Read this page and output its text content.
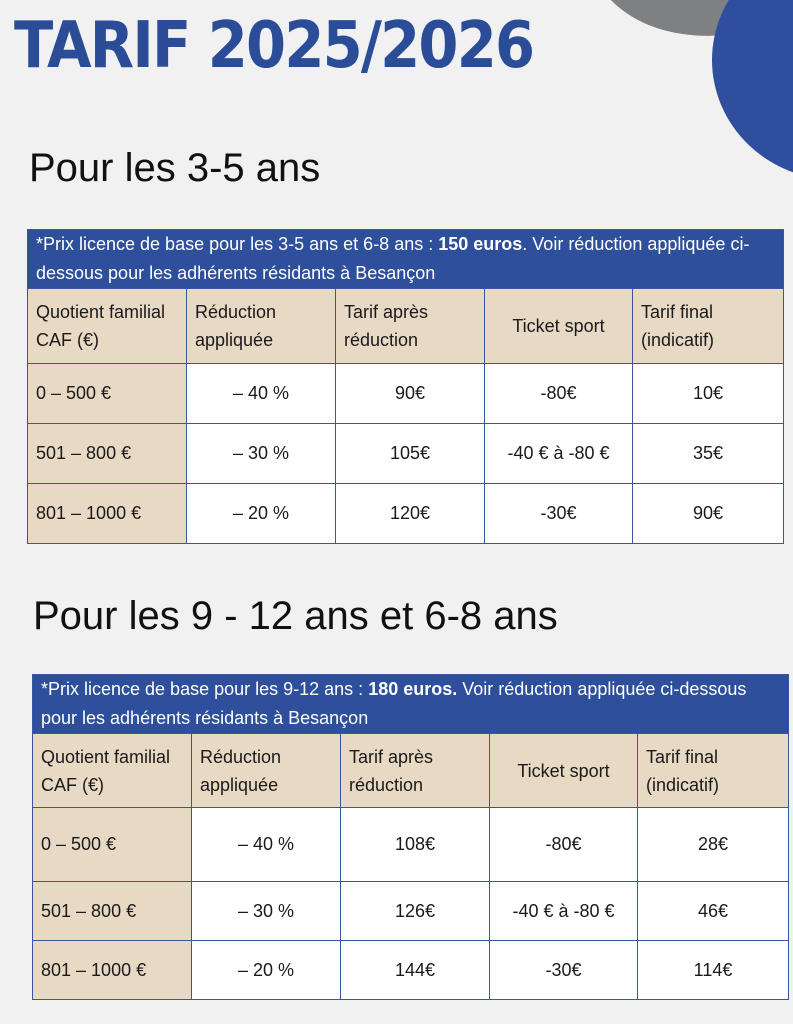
TARIF 2025/2026
Pour les 3-5 ans
*Prix licence de base pour les 3-5 ans et 6-8 ans : 150 euros. Voir réduction appliquée ci-dessous pour les adhérents résidants à Besançon				
Quotient familial CAF (€)	Réduction appliquée	Tarif après réduction	Ticket sport	Tarif final (indicatif)
0 – 500 €	– 40 %	90€	-80€	10€
501 – 800 €	– 30 %	105€	-40 € à -80 €	35€
801 – 1000 €	– 20 %	120€	-30€	90€
Pour les 9 - 12 ans et 6-8 ans
*Prix licence de base pour les 9-12 ans : 180 euros. Voir réduction appliquée ci-dessous pour les adhérents résidants à Besançon				
Quotient familial CAF (€)	Réduction appliquée	Tarif après réduction	Ticket sport	Tarif final (indicatif)
0 – 500 €	– 40 %	108€	-80€	28€
501 – 800 €	– 30 %	126€	-40 € à -80 €	46€
801 – 1000 €	– 20 %	144€	-30€	114€
